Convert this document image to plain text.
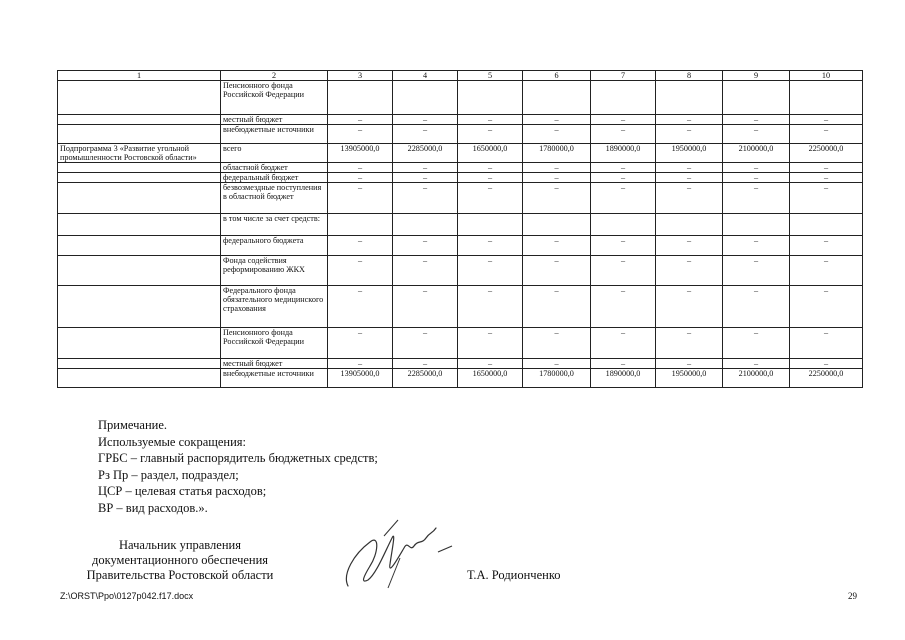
1	2	3	4	5	6	7	8	9	10
	Пенсионного фонда Российской Федерации								
	местный бюджет	–	–	–	–	–	–	–	–
	внебюджетные источники	–	–	–	–	–	–	–	–
Подпрограмма 3 «Развитие угольной промышленности Ростовской области»	всего	13905000,0	2285000,0	1650000,0	1780000,0	1890000,0	1950000,0	2100000,0	2250000,0
	областной бюджет	–	–	–	–	–	–	–	–
	федеральный бюджет	–	–	–	–	–	–	–	–
	безвозмездные поступления в областной бюджет	–	–	–	–	–	–	–	–
	в том числе за счет средств:								
	федерального бюджета	–	–	–	–	–	–	–	–
	Фонда содействия реформированию ЖКХ	–	–	–	–	–	–	–	–
	Федерального фонда обязательного медицинского страхования	–	–	–	–	–	–	–	–
	Пенсионного фонда Российской Федерации	–	–	–	–	–	–	–	–
	местный бюджет	–	–	–	–	–	–	–	–
	внебюджетные источники	13905000,0	2285000,0	1650000,0	1780000,0	1890000,0	1950000,0	2100000,0	2250000,0
Примечание.
Используемые сокращения:
ГРБС – главный распорядитель бюджетных средств;
Рз Пр – раздел, подраздел;
ЦСР – целевая статья расходов;
ВР – вид расходов.».
Начальник управления
документационного обеспечения
Правительства Ростовской области	Т.А. Родионченко
Z:\ORST\Ppo\0127p042.f17.docx	29
